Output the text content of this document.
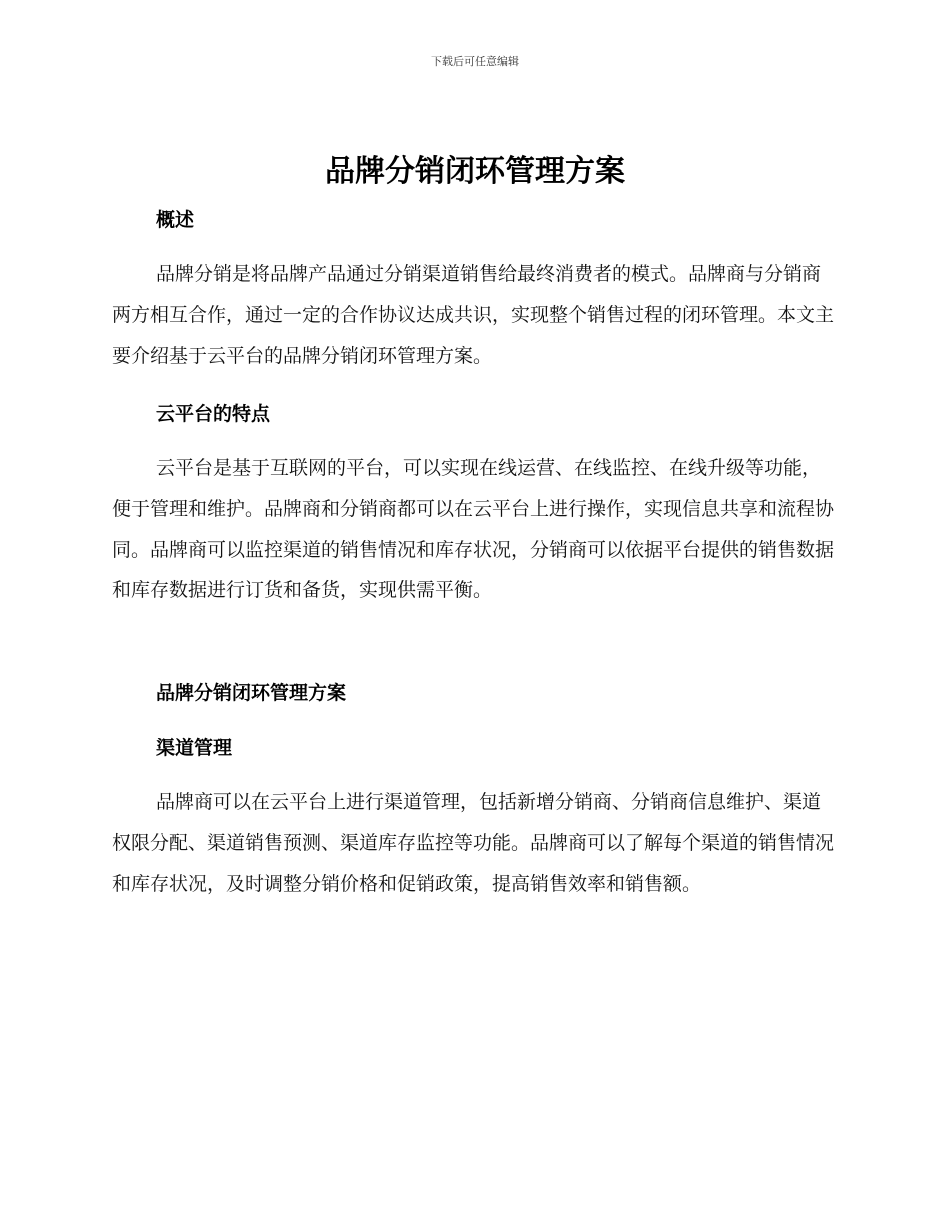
下载后可任意编辑
品牌分销闭环管理方案
概述

品牌分销是将品牌产品通过分销渠道销售给最终消费者的模式。品牌商与分销商两方相互合作，通过一定的合作协议达成共识，实现整个销售过程的闭环管理。本文主要介绍基于云平台的品牌分销闭环管理方案。

云平台的特点

云平台是基于互联网的平台，可以实现在线运营、在线监控、在线升级等功能，便于管理和维护。品牌商和分销商都可以在云平台上进行操作，实现信息共享和流程协同。品牌商可以监控渠道的销售情况和库存状况，分销商可以依据平台提供的销售数据和库存数据进行订货和备货，实现供需平衡。

品牌分销闭环管理方案
渠道管理

品牌商可以在云平台上进行渠道管理，包括新增分销商、分销商信息维护、渠道权限分配、渠道销售预测、渠道库存监控等功能。品牌商可以了解每个渠道的销售情况和库存状况，及时调整分销价格和促销政策，提高销售效率和销售额。
